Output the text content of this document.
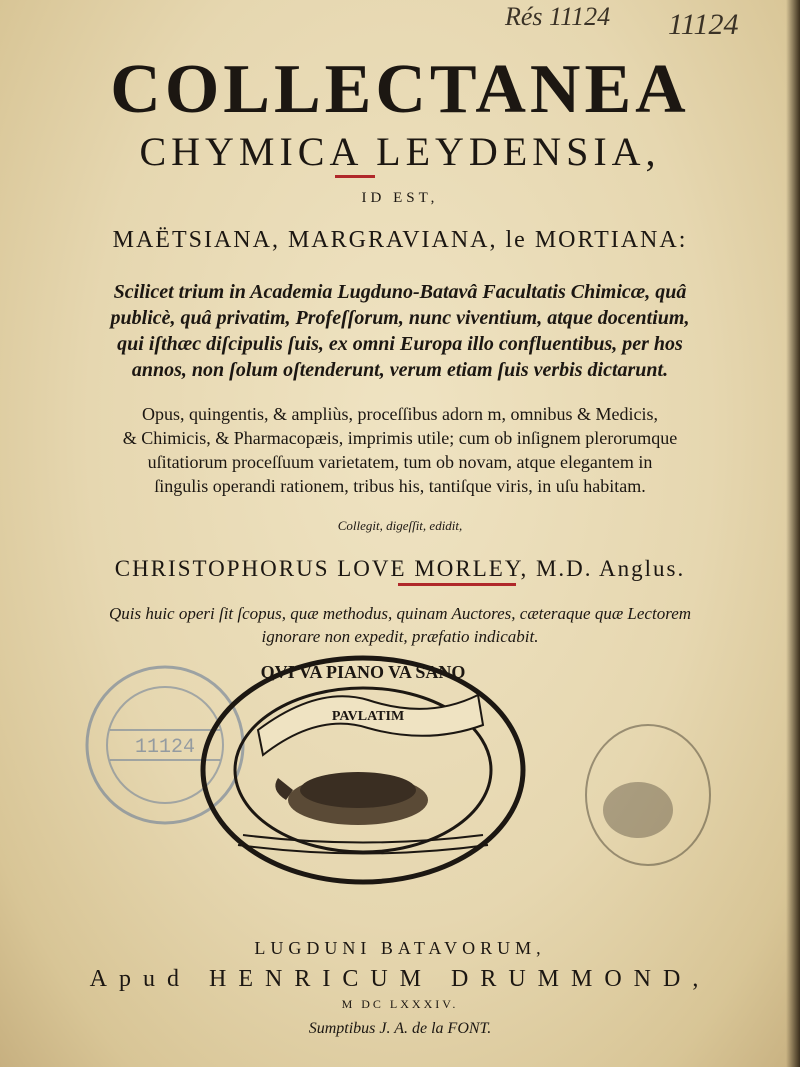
Rés 11124 11124
COLLECTANEA
CHYMICA LEYDENSIA,
ID EST,
MAËTSIANA, MARGRAVIANA, le MORTIANA:
Scilicet trium in Academia Lugduno-Batavâ Facultatis Chimicæ, quâ
publicè, quâ privatim, Profeſſorum, nunc viventium, atque docentium,
qui iſthæc diſcipulis ſuis, ex omni Europa illo confluentibus, per hos
annos, non ſolum oſtenderunt, verum etiam ſuis verbis dictarunt.
Opus, quingentis, & ampliùs, proceſſibus adorn m, omnibus & Medicis,
& Chimicis, & Pharmacopæis, imprimis utile; cum ob inſignem plerorumque
uſitatiorum proceſſuum varietatem, tum ob novam, atque elegantem in
ſingulis operandi rationem, tribus his, tantiſque viris, in uſu habitam.
Collegit, digeſſit, edidit,
CHRISTOPHORUS LOVE MORLEY, M.D. Anglus.
Quis huic operi ſit ſcopus, quæ methodus, quinam Auctores, cæteraque quæ Lectorem
ignorare non expedit, præfatio indicabit.
11124
QVI VA PIANO VA SANO
PAVLATIM
LUGDUNI BATAVORUM,
Apud HENRICUM DRUMMOND,
M DC LXXXIV.
Sumptibus J. A. de la FONT.
